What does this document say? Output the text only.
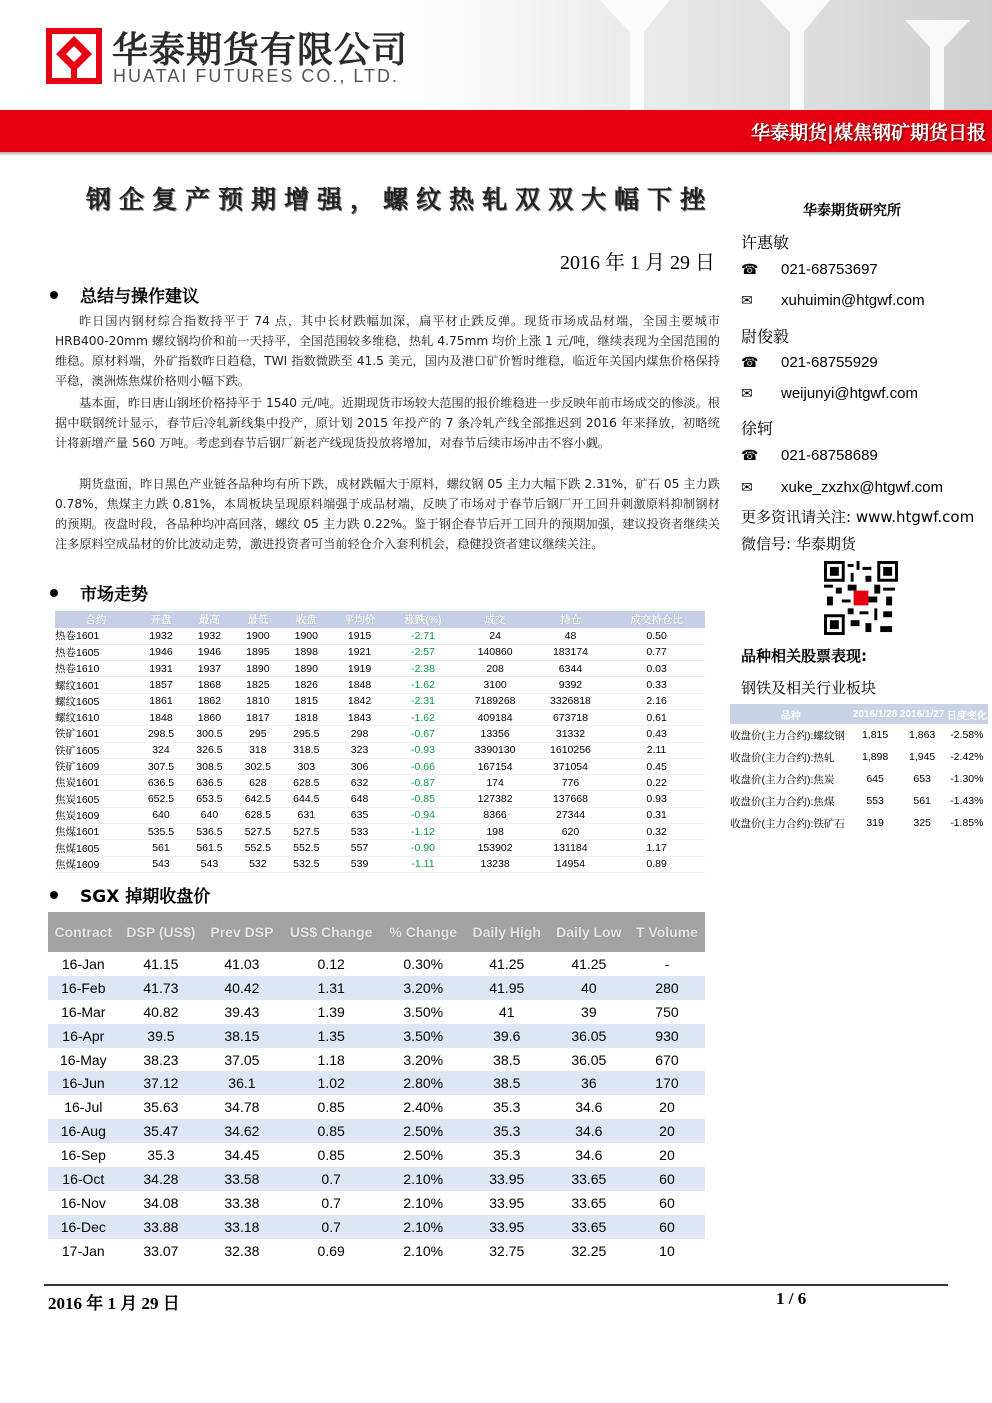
华泰期货有限公司
HUATAI FUTURES CO., LTD.
华泰期货|煤焦钢矿期货日报
钢企复产预期增强，螺纹热轧双双大幅下挫
2016 年 1 月 29 日
总结与操作建议
昨日国内钢材综合指数持平于 74 点，其中长材跌幅加深，扁平材止跌反弹。现货市场成品材端，全国主要城市 HRB400-20mm 螺纹钢均价和前一天持平，全国范围较多维稳，热轧 4.75mm 均价上涨 1 元/吨，继续表现为全国范围的维稳。原材料端，外矿指数昨日趋稳，TWI 指数微跌至 41.5 美元，国内及港口矿价暂时维稳，临近年关国内煤焦价格保持平稳，澳洲炼焦煤价格则小幅下跌。
基本面，昨日唐山钢坯价格持平于 1540 元/吨。近期现货市场较大范围的报价维稳进一步反映年前市场成交的惨淡。根据中联钢统计显示，春节后冷轧新线集中投产，原计划 2015 年投产的 7 条冷轧产线全部推迟到 2016 年来择放，初略统计将新增产量 560 万吨。考虑到春节后钢厂新老产线现货投放将增加，对春节后续市场冲击不容小觑。
期货盘面，昨日黑色产业链各品种均有所下跌，成材跌幅大于原料，螺纹钢 05 主力大幅下跌 2.31%，矿石 05 主力跌 0.78%，焦煤主力跌 0.81%，本周板块呈现原料端强于成品材端，反映了市场对于春节后钢厂开工回升刺激原料抑制钢材的预期。夜盘时段，各品种均冲高回落，螺纹 05 主力跌 0.22%。鉴于钢企春节后开工回升的预期加强，建议投资者继续关注多原料空成品材的价比波动走势，激进投资者可当前轻仓介入套利机会，稳健投资者建议继续关注。
市场走势
合约	开盘	最高	最低	收盘	平均价	涨跌(%)	成交	持仓	成交持仓比
热卷1601	1932	1932	1900	1900	1915	-2.71	24	48	0.50
热卷1605	1946	1946	1895	1898	1921	-2.57	140860	183174	0.77
热卷1610	1931	1937	1890	1890	1919	-2.38	208	6344	0.03
螺纹1601	1857	1868	1825	1826	1848	-1.62	3100	9392	0.33
螺纹1605	1861	1862	1810	1815	1842	-2.31	7189268	3326818	2.16
螺纹1610	1848	1860	1817	1818	1843	-1.62	409184	673718	0.61
铁矿1601	298.5	300.5	295	295.5	298	-0.67	13356	31332	0.43
铁矿1605	324	326.5	318	318.5	323	-0.93	3390130	1610256	2.11
铁矿1609	307.5	308.5	302.5	303	306	-0.66	167154	371054	0.45
焦炭1601	636.5	636.5	628	628.5	632	-0.87	174	776	0.22
焦炭1605	652.5	653.5	642.5	644.5	648	-0.85	127382	137668	0.93
焦炭1609	640	640	628.5	631	635	-0.94	8366	27344	0.31
焦煤1601	535.5	536.5	527.5	527.5	533	-1.12	198	620	0.32
焦煤1605	561	561.5	552.5	552.5	557	-0.90	153902	131184	1.17
焦煤1609	543	543	532	532.5	539	-1.11	13238	14954	0.89
SGX 掉期收盘价
Contract	DSP (US$)	Prev DSP	US$ Change	% Change	Daily High	Daily Low	T Volume
16-Jan	41.15	41.03	0.12	0.30%	41.25	41.25	-
16-Feb	41.73	40.42	1.31	3.20%	41.95	40	280
16-Mar	40.82	39.43	1.39	3.50%	41	39	750
16-Apr	39.5	38.15	1.35	3.50%	39.6	36.05	930
16-May	38.23	37.05	1.18	3.20%	38.5	36.05	670
16-Jun	37.12	36.1	1.02	2.80%	38.5	36	170
16-Jul	35.63	34.78	0.85	2.40%	35.3	34.6	20
16-Aug	35.47	34.62	0.85	2.50%	35.3	34.6	20
16-Sep	35.3	34.45	0.85	2.50%	35.3	34.6	20
16-Oct	34.28	33.58	0.7	2.10%	33.95	33.65	60
16-Nov	34.08	33.38	0.7	2.10%	33.95	33.65	60
16-Dec	33.88	33.18	0.7	2.10%	33.95	33.65	60
17-Jan	33.07	32.38	0.69	2.10%	32.75	32.25	10
华泰期货研究所
许惠敏
☎ 021-68753697
✉ xuhuimin@htgwf.com
尉俊毅
☎ 021-68755929
✉ weijunyi@htgwf.com
徐轲
☎ 021-68758689
✉ xuke_zxzhx@htgwf.com
更多资讯请关注: www.htgwf.com
微信号: 华泰期货
品种相关股票表现:
钢铁及相关行业板块
品种	2016/1/28	2016/1/27	日度变化
收盘价(主力合约):螺纹钢	1,815	1,863	-2.58%
收盘价(主力合约):热轧	1,898	1,945	-2.42%
收盘价(主力合约):焦炭	645	653	-1.30%
收盘价(主力合约):焦煤	553	561	-1.43%
收盘价(主力合约):铁矿石	319	325	-1.85%
2016 年 1 月 29 日	1 / 6
